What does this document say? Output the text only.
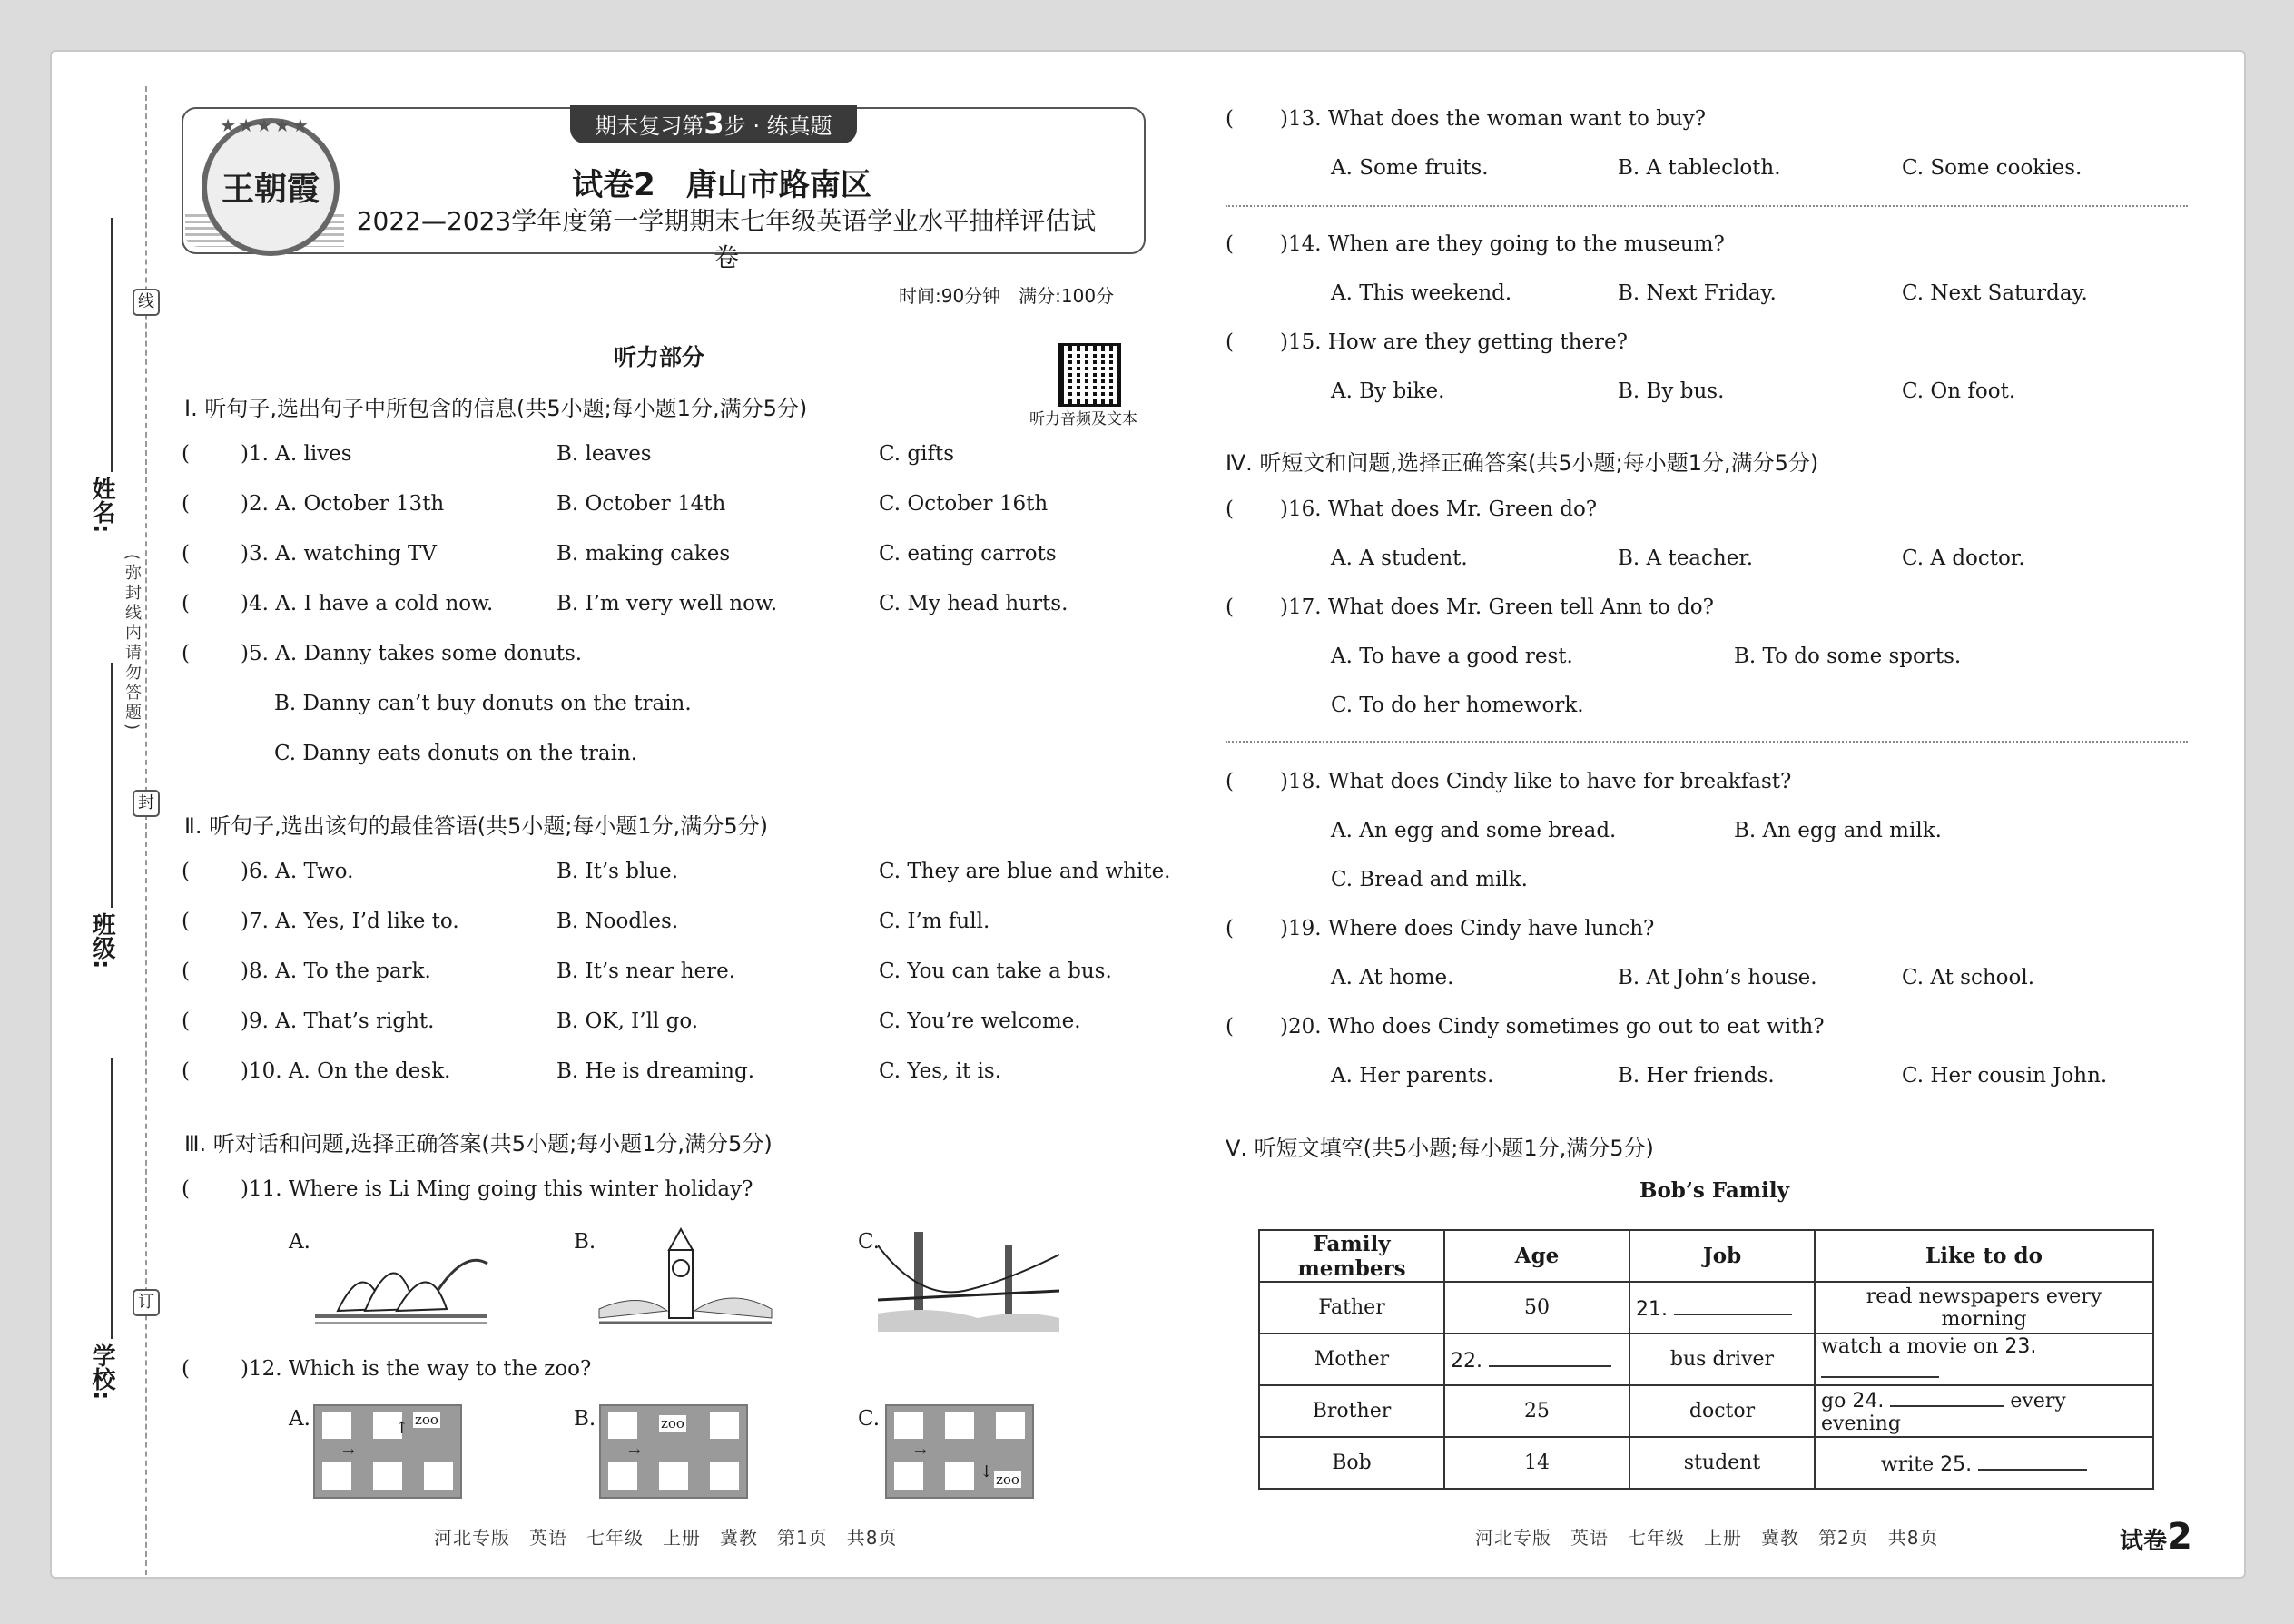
线
封
订
(弥封线内请勿答题)
姓名:
班级:
学校:
期末复习第3步 · 练真题
王朝霞
★★★★★
试卷2　唐山市路南区
2022—2023学年度第一学期期末七年级英语学业水平抽样评估试卷
时间:90分钟　满分:100分
听力部分
听力音频及文本
Ⅰ. 听句子,选出句子中所包含的信息(共5小题;每小题1分,满分5分)
( )1. A. lives	B. leaves	C. gifts
( )2. A. October 13th	B. October 14th	C. October 16th
( )3. A. watching TV	B. making cakes	C. eating carrots
( )4. A. I have a cold now.	B. I’m very well now.	C. My head hurts.
( )5. A. Danny takes some donuts.
B. Danny can’t buy donuts on the train.
C. Danny eats donuts on the train.
Ⅱ. 听句子,选出该句的最佳答语(共5小题;每小题1分,满分5分)
( )6. A. Two.	B. It’s blue.	C. They are blue and white.
( )7. A. Yes, I’d like to.	B. Noodles.	C. I’m full.
( )8. A. To the park.	B. It’s near here.	C. You can take a bus.
( )9. A. That’s right.	B. OK, I’ll go.	C. You’re welcome.
( )10. A. On the desk.	B. He is dreaming.	C. Yes, it is.
Ⅲ. 听对话和问题,选择正确答案(共5小题;每小题1分,满分5分)
( )11. Where is Li Ming going this winter holiday?
A.	B.	C.
( )12. Which is the way to the zoo?
A.	B.	C.
zoo
→
↑	zoo
→
zoo
→
↓
河北专版　英语　七年级　上册　冀教　第1页　共8页
( )13. What does the woman want to buy?
A. Some fruits.	B. A tablecloth.	C. Some cookies.
( )14. When are they going to the museum?
A. This weekend.	B. Next Friday.	C. Next Saturday.
( )15. How are they getting there?
A. By bike.	B. By bus.	C. On foot.
Ⅳ. 听短文和问题,选择正确答案(共5小题;每小题1分,满分5分)
( )16. What does Mr. Green do?
A. A student.	B. A teacher.	C. A doctor.
( )17. What does Mr. Green tell Ann to do?
A. To have a good rest.	B. To do some sports.
C. To do her homework.
( )18. What does Cindy like to have for breakfast?
A. An egg and some bread.	B. An egg and milk.
C. Bread and milk.
( )19. Where does Cindy have lunch?
A. At home.	B. At John’s house.	C. At school.
( )20. Who does Cindy sometimes go out to eat with?
A. Her parents.	B. Her friends.	C. Her cousin John.
Ⅴ. 听短文填空(共5小题;每小题1分,满分5分)
Bob’s Family
Family members	Age	Job	Like to do
Father	50	21.	read newspapers every morning
Mother	22.	bus driver	watch a movie on 23.
Brother	25	doctor	go 24. every evening
Bob	14	student	write 25.
河北专版　英语　七年级　上册　冀教　第2页　共8页	试卷2
